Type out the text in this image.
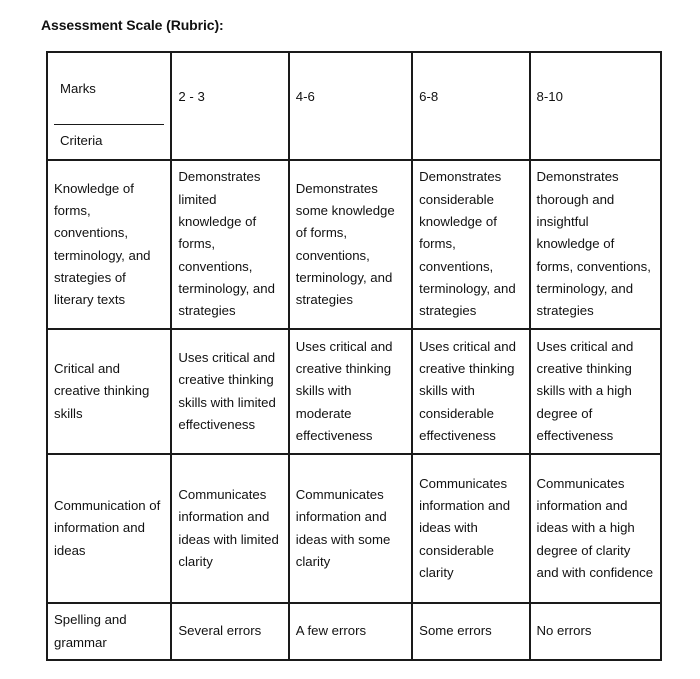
Assessment Scale (Rubric):
Marks
Criteria	2 - 3	4-6	6-8	8-10
Knowledge of forms, conventions, terminology, and strategies of literary texts	Demonstrates limited knowledge of forms, conventions, terminology, and strategies	Demonstrates some knowledge of forms, conventions, terminology, and strategies	Demonstrates considerable knowledge of forms, conventions, terminology, and strategies	Demonstrates thorough and insightful knowledge of forms, conventions, terminology, and strategies
Critical and creative thinking skills	Uses critical and creative thinking skills with limited effectiveness	Uses critical and creative thinking skills with moderate effectiveness	Uses critical and creative thinking skills with considerable effectiveness	Uses critical and creative thinking skills with a high degree of effectiveness
Communication of information and ideas	Communicates information and ideas with limited clarity	Communicates information and ideas with some clarity	Communicates information and ideas with considerable clarity	Communicates information and ideas with a high degree of clarity and with confidence
Spelling and grammar	Several errors	A few errors	Some errors	No errors
